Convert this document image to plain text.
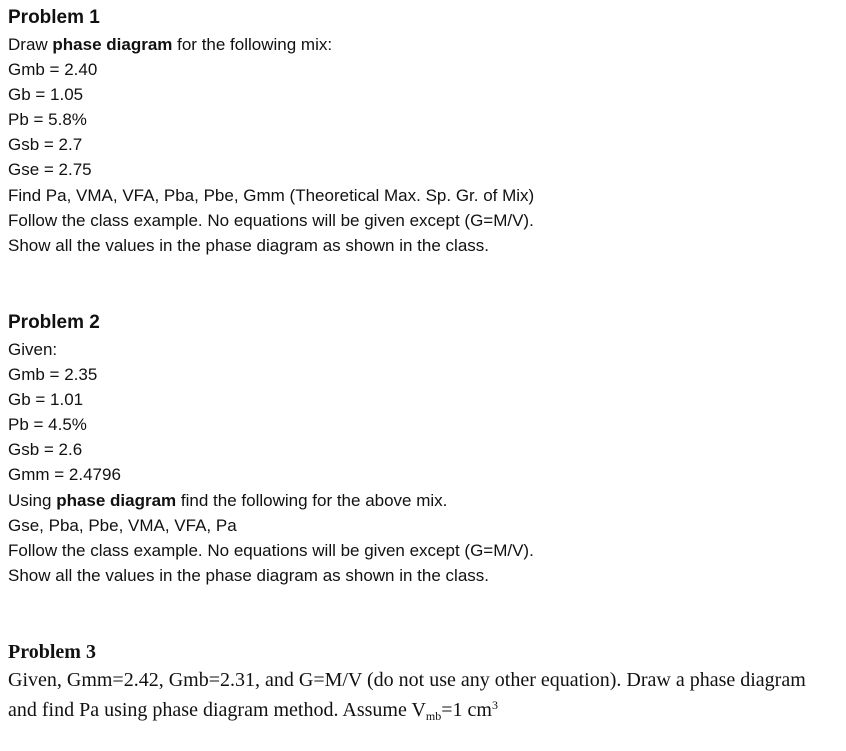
Problem 1
Draw phase diagram for the following mix:
Gmb = 2.40
Gb = 1.05
Pb = 5.8%
Gsb = 2.7
Gse = 2.75
Find Pa, VMA, VFA, Pba, Pbe, Gmm (Theoretical Max. Sp. Gr. of Mix)
Follow the class example. No equations will be given except (G=M/V).
Show all the values in the phase diagram as shown in the class.
Problem 2
Given:
Gmb = 2.35
Gb = 1.01
Pb = 4.5%
Gsb = 2.6
Gmm = 2.4796
Using phase diagram find the following for the above mix.
Gse, Pba, Pbe, VMA, VFA, Pa
Follow the class example. No equations will be given except (G=M/V).
Show all the values in the phase diagram as shown in the class.
Problem 3
Given, Gmm=2.42, Gmb=2.31, and G=M/V (do not use any other equation). Draw a phase diagram and find Pa using phase diagram method. Assume $V_{mb}=1$ $cm^3$
